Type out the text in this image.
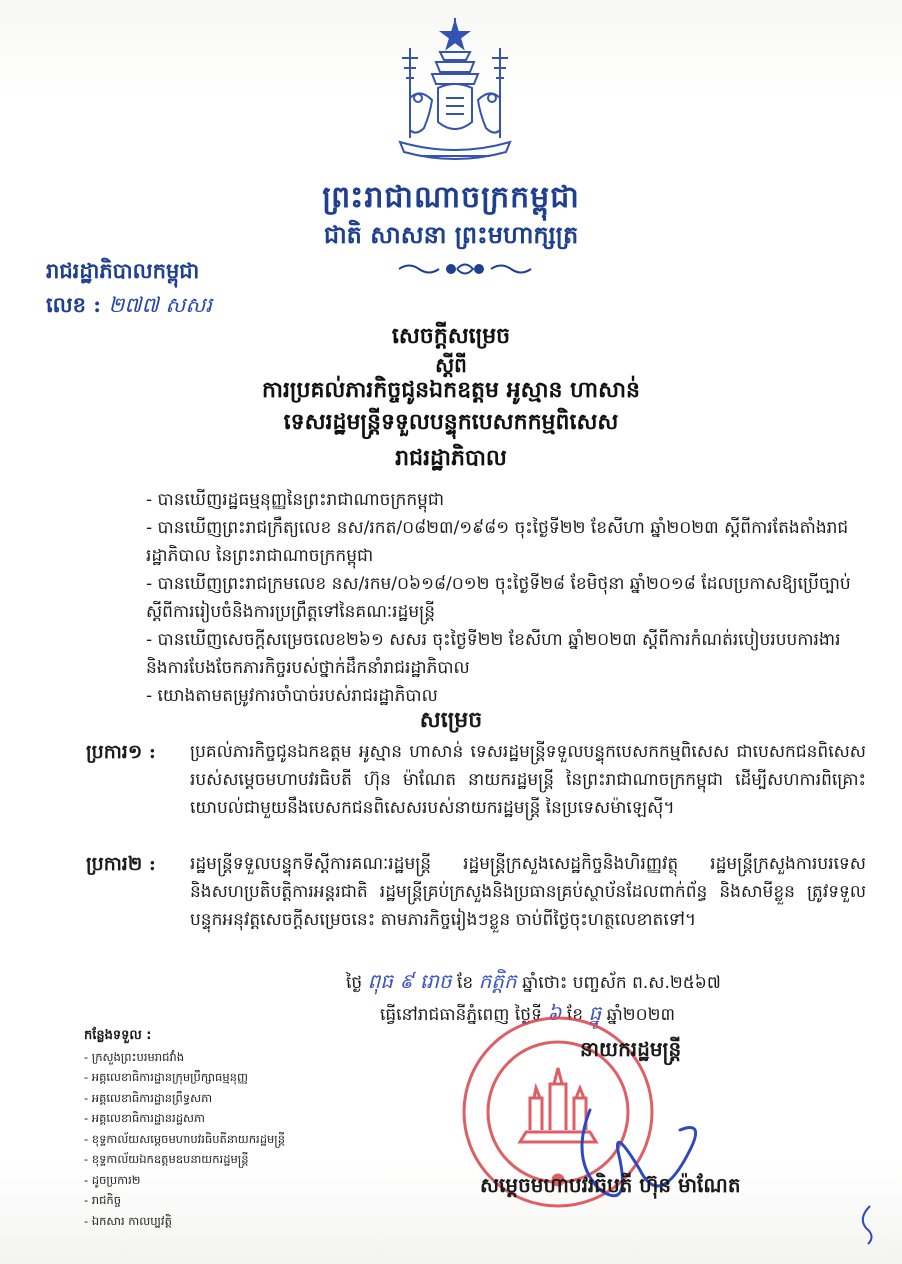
ព្រះរាជាណាចក្រកម្ពុជា
ជាតិ សាសនា ព្រះមហាក្សត្រ
រាជរដ្ឋាភិបាលកម្ពុជា
លេខ : ២៧៧ សសរ
សេចក្តីសម្រេច
ស្តីពី
ការប្រគល់ភារកិច្ចជូនឯកឧត្តម អូស្មាន ហាសាន់
ទេសរដ្ឋមន្ត្រីទទួលបន្ទុកបេសកកម្មពិសេស
រាជរដ្ឋាភិបាល
- បានឃើញរដ្ឋធម្មនុញ្ញនៃព្រះរាជាណាចក្រកម្ពុជា
- បានឃើញព្រះរាជក្រឹត្យលេខ នស/រកត/០៨២៣/១៩៨១ ចុះថ្ងៃទី២២ ខែសីហា ឆ្នាំ២០២៣ ស្តីពីការតែងតាំងរាជរដ្ឋាភិបាល នៃព្រះរាជាណាចក្រកម្ពុជា
- បានឃើញព្រះរាជក្រមលេខ នស/រកម/០៦១៨/០១២ ចុះថ្ងៃទី២៨ ខែមិថុនា ឆ្នាំ២០១៨ ដែលប្រកាសឱ្យប្រើច្បាប់ស្តីពីការរៀបចំនិងការប្រព្រឹត្តទៅនៃគណៈរដ្ឋមន្ត្រី
- បានឃើញសេចក្តីសម្រេចលេខ២៦១ សសរ ចុះថ្ងៃទី២២ ខែសីហា ឆ្នាំ២០២៣ ស្តីពីការកំណត់របៀបរបបការងារនិងការបែងចែកភារកិច្ចរបស់ថ្នាក់ដឹកនាំរាជរដ្ឋាភិបាល
- យោងតាមតម្រូវការចាំបាច់របស់រាជរដ្ឋាភិបាល
សម្រេច
ប្រការ១ : ប្រគល់ភារកិច្ចជូនឯកឧត្តម អូស្មាន ហាសាន់ ទេសរដ្ឋមន្ត្រីទទួលបន្ទុកបេសកកម្មពិសេស ជាបេសកជនពិសេសរបស់សម្តេចមហាបវរធិបតី ហ៊ុន ម៉ាណែត នាយករដ្ឋមន្ត្រី នៃព្រះរាជាណាចក្រកម្ពុជា ដើម្បីសហការពិគ្រោះយោបល់ជាមួយនឹងបេសកជនពិសេសរបស់នាយករដ្ឋមន្ត្រី នៃប្រទេសម៉ាឡេស៊ី។
ប្រការ២ : រដ្ឋមន្ត្រីទទួលបន្ទុកទីស្តីការគណៈរដ្ឋមន្ត្រី រដ្ឋមន្ត្រីក្រសួងសេដ្ឋកិច្ចនិងហិរញ្ញវត្ថុ រដ្ឋមន្ត្រីក្រសួងការបរទេស និងសហប្រតិបត្តិការអន្តរជាតិ រដ្ឋមន្ត្រីគ្រប់ក្រសួងនិងប្រធានគ្រប់ស្ថាប័នដែលពាក់ព័ន្ធ និងសាមីខ្លួន ត្រូវទទួលបន្ទុកអនុវត្តសេចក្តីសម្រេចនេះ តាមភារកិច្ចរៀងៗខ្លួន ចាប់ពីថ្ងៃចុះហត្ថលេខាតទៅ។
ថ្ងៃ ពុធ ៩ រោច ខែ កត្តិក ឆ្នាំថោះ បញ្ចស័ក ព.ស.២៥៦៧
ធ្វើនៅរាជធានីភ្នំពេញ ថ្ងៃទី ៦ ខែ ធ្នូ ឆ្នាំ២០២៣
នាយករដ្ឋមន្ត្រី
សម្តេចមហាបវរធិបតី ហ៊ុន ម៉ាណែត
កន្លែងទទួល :
- ក្រសួងព្រះបរមរាជវាំង
- អគ្គលេខាធិការដ្ឋានក្រុមប្រឹក្សាធម្មនុញ្ញ
- អគ្គលេខាធិការដ្ឋានព្រឹទ្ធសភា
- អគ្គលេខាធិការដ្ឋានរដ្ឋសភា
- ខុទ្ទកាល័យសម្តេចមហាបវរធិបតីនាយករដ្ឋមន្ត្រី
- ខុទ្ទកាល័យឯកឧត្តមឧបនាយករដ្ឋមន្ត្រី
- ដូចប្រការ២
- រាជកិច្ច
- ឯកសារ កាលប្បវត្តិ
